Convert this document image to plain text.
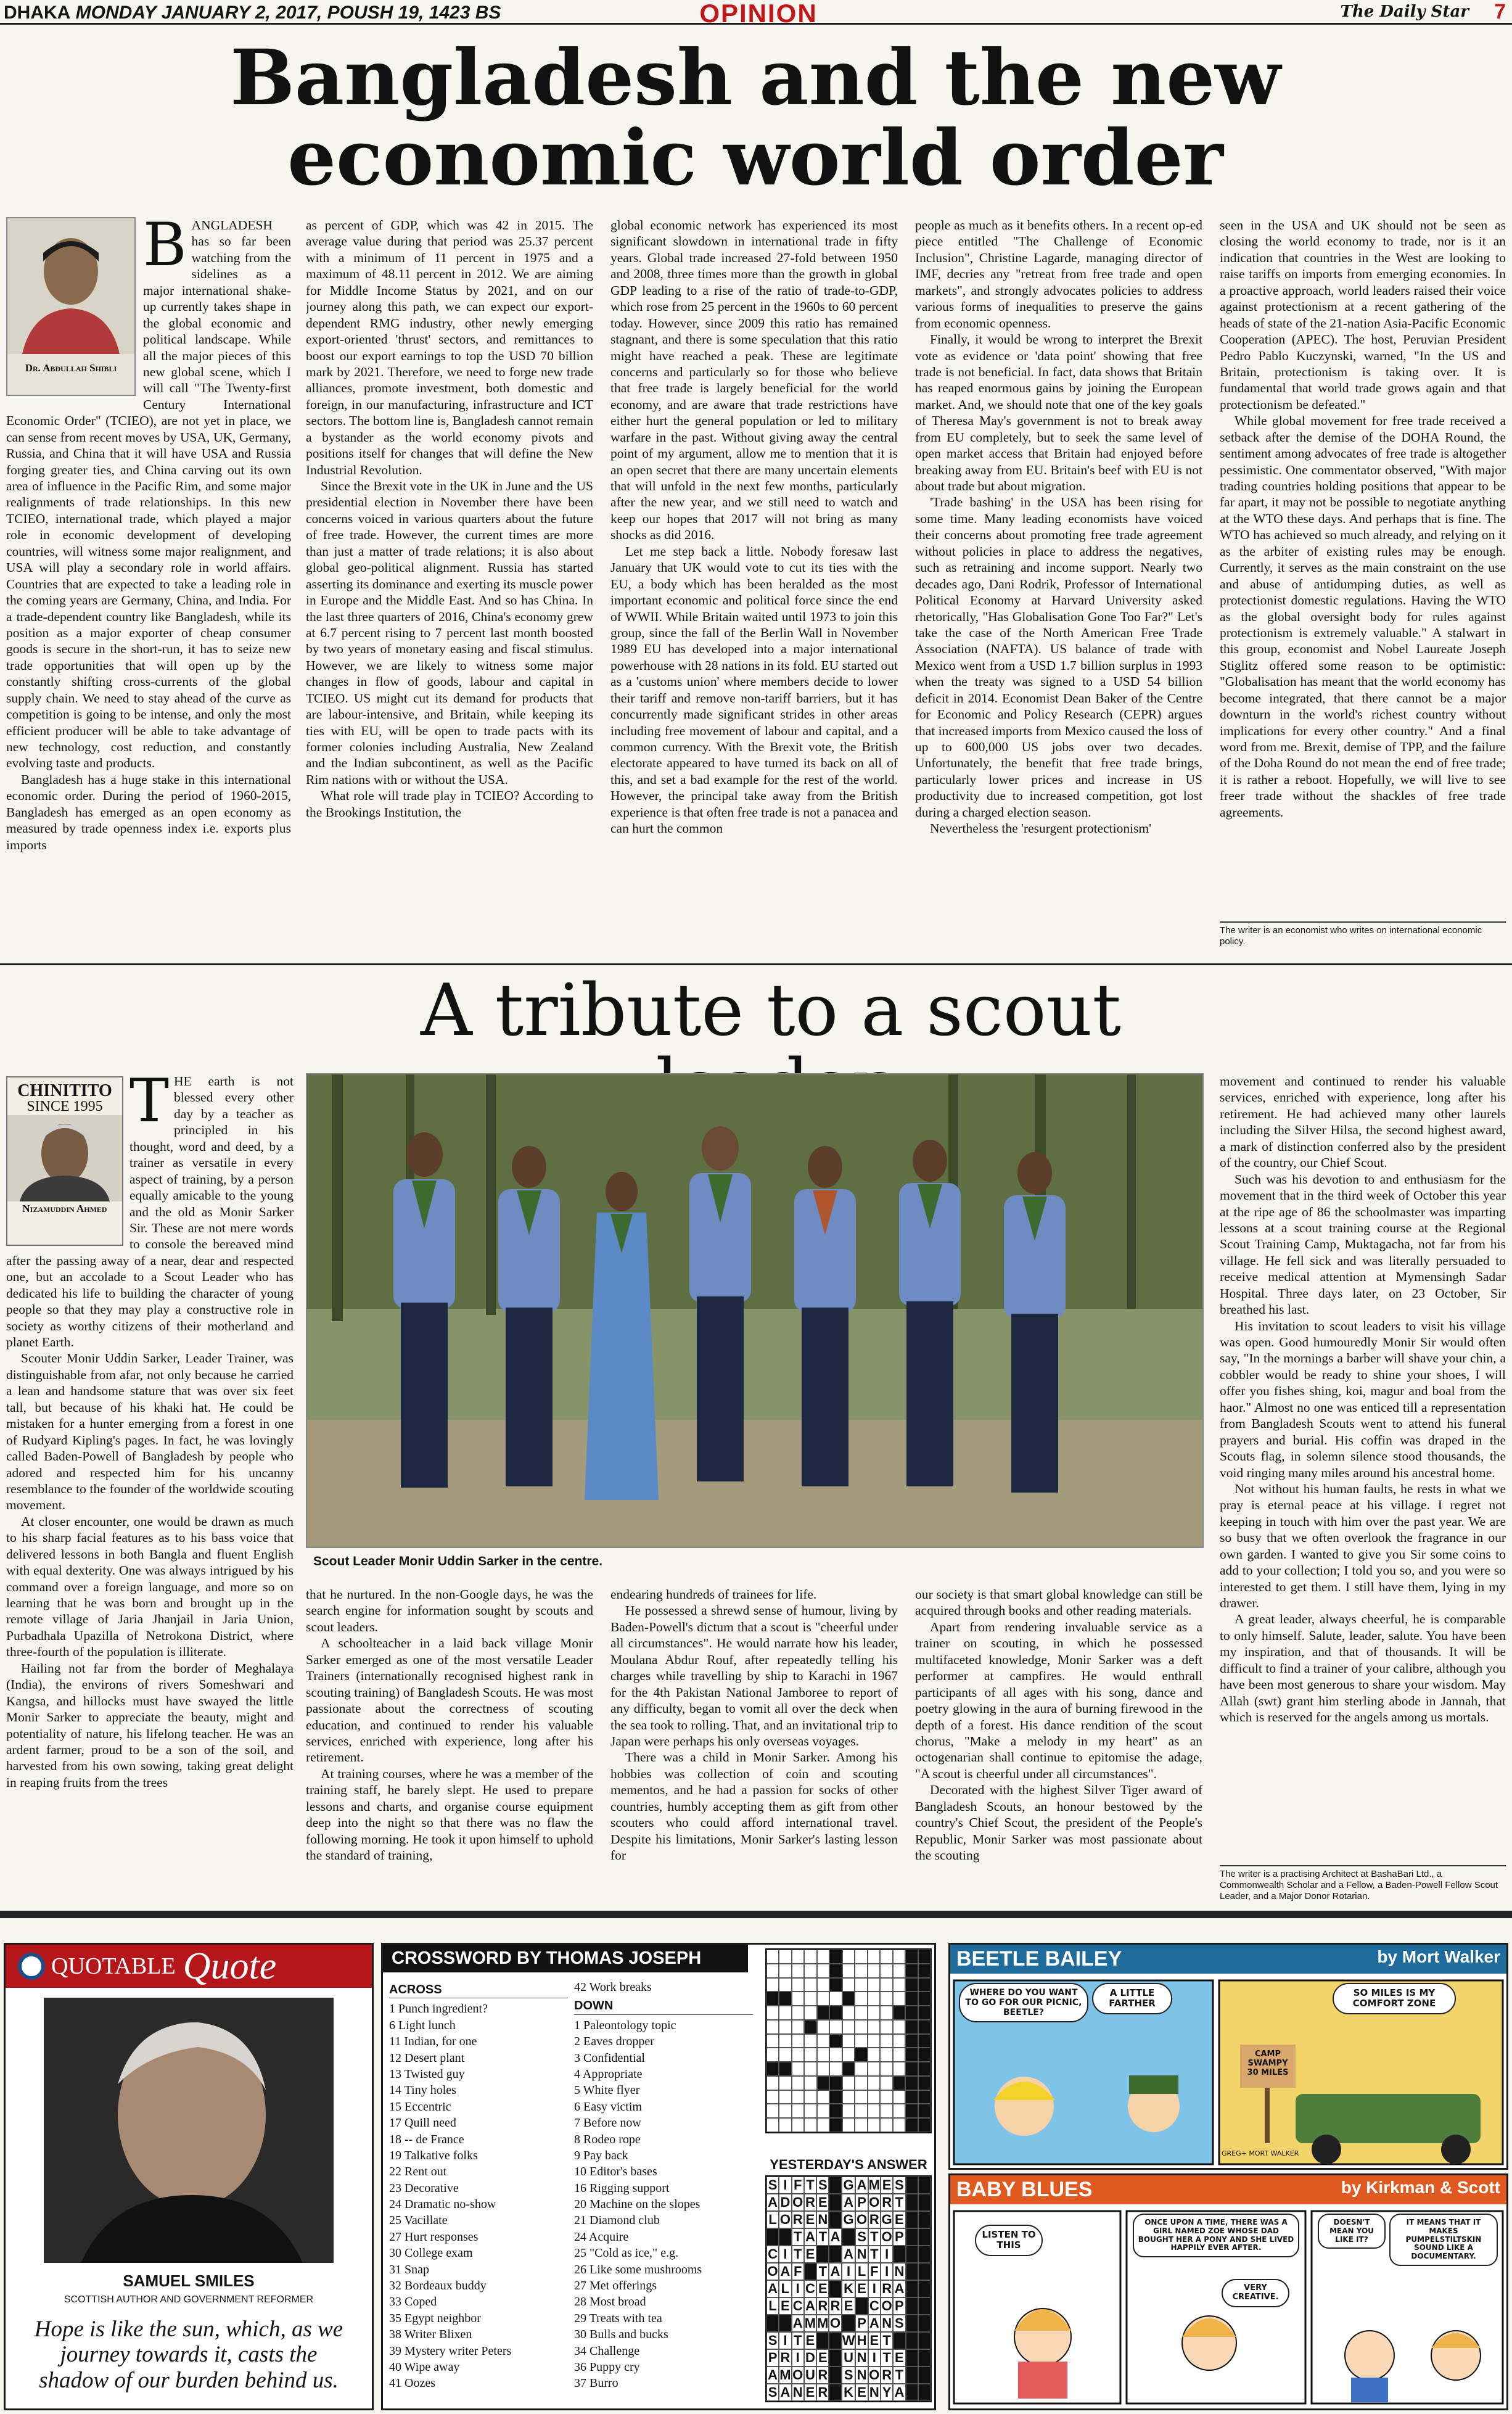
DHAKA MONDAY JANUARY 2, 2017, POUSH 19, 1423 BS	OPINION	The Daily Star 7
Bangladesh and the new economic world order
Dr. Abdullah Shibli
B ANGLADESH has so far been watching from the sidelines as a major international shake-up currently takes shape in the global economic and political landscape. While all the major pieces of this new global scene, which I will call "The Twenty-first Century International Economic Order" (TCIEO), are not yet in place, we can sense from recent moves by USA, UK, Germany, Russia, and China that it will have USA and Russia forging greater ties, and China carving out its own area of influence in the Pacific Rim, and some major realignments of trade relationships. In this new TCIEO, international trade, which played a major role in economic development of developing countries, will witness some major realignment, and USA will play a secondary role in world affairs. Countries that are expected to take a leading role in the coming years are Germany, China, and India. For a trade-dependent country like Bangladesh, while its position as a major exporter of cheap consumer goods is secure in the short-run, it has to seize new trade opportunities that will open up by the constantly shifting cross-currents of the global supply chain. We need to stay ahead of the curve as competition is going to be intense, and only the most efficient producer will be able to take advantage of new technology, cost reduction, and constantly evolving taste and products.

Bangladesh has a huge stake in this international economic order. During the period of 1960-2015, Bangladesh has emerged as an open economy as measured by trade openness index i.e. exports plus imports

as percent of GDP, which was 42 in 2015. The average value during that period was 25.37 percent with a minimum of 11 percent in 1975 and a maximum of 48.11 percent in 2012. We are aiming for Middle Income Status by 2021, and on our journey along this path, we can expect our export-dependent RMG industry, other newly emerging export-oriented 'thrust' sectors, and remittances to boost our export earnings to top the USD 70 billion mark by 2021. Therefore, we need to forge new trade alliances, promote investment, both domestic and foreign, in our manufacturing, infrastructure and ICT sectors. The bottom line is, Bangladesh cannot remain a bystander as the world economy pivots and positions itself for changes that will define the New Industrial Revolution.

Since the Brexit vote in the UK in June and the US presidential election in November there have been concerns voiced in various quarters about the future of free trade. However, the current times are more than just a matter of trade relations; it is also about global geo-political alignment. Russia has started asserting its dominance and exerting its muscle power in Europe and the Middle East. And so has China. In the last three quarters of 2016, China's economy grew at 6.7 percent rising to 7 percent last month boosted by two years of monetary easing and fiscal stimulus. However, we are likely to witness some major changes in flow of goods, labour and capital in TCIEO. US might cut its demand for products that are labour-intensive, and Britain, while keeping its ties with EU, will be open to trade pacts with its former colonies including Australia, New Zealand and the Indian subcontinent, as well as the Pacific Rim nations with or without the USA.

What role will trade play in TCIEO? According to the Brookings Institution, the

global economic network has experienced its most significant slowdown in international trade in fifty years. Global trade increased 27-fold between 1950 and 2008, three times more than the growth in global GDP leading to a rise of the ratio of trade-to-GDP, which rose from 25 percent in the 1960s to 60 percent today. However, since 2009 this ratio has remained stagnant, and there is some speculation that this ratio might have reached a peak. These are legitimate concerns and particularly so for those who believe that free trade is largely beneficial for the world economy, and are aware that trade restrictions have either hurt the general population or led to military warfare in the past. Without giving away the central point of my argument, allow me to mention that it is an open secret that there are many uncertain elements that will unfold in the next few months, particularly after the new year, and we still need to watch and keep our hopes that 2017 will not bring as many shocks as did 2016.

Let me step back a little. Nobody foresaw last January that UK would vote to cut its ties with the EU, a body which has been heralded as the most important economic and political force since the end of WWII. While Britain waited until 1973 to join this group, since the fall of the Berlin Wall in November 1989 EU has developed into a major international powerhouse with 28 nations in its fold. EU started out as a 'customs union' where members decide to lower their tariff and remove non-tariff barriers, but it has concurrently made significant strides in other areas including free movement of labour and capital, and a common currency. With the Brexit vote, the British electorate appeared to have turned its back on all of this, and set a bad example for the rest of the world. However, the principal take away from the British experience is that often free trade is not a panacea and can hurt the common

people as much as it benefits others. In a recent op-ed piece entitled "The Challenge of Economic Inclusion", Christine Lagarde, managing director of IMF, decries any "retreat from free trade and open markets", and strongly advocates policies to address various forms of inequalities to preserve the gains from economic openness.

Finally, it would be wrong to interpret the Brexit vote as evidence or 'data point' showing that free trade is not beneficial. In fact, data shows that Britain has reaped enormous gains by joining the European market. And, we should note that one of the key goals of Theresa May's government is not to break away from EU completely, but to seek the same level of open market access that Britain had enjoyed before breaking away from EU. Britain's beef with EU is not about trade but about migration.

'Trade bashing' in the USA has been rising for some time. Many leading economists have voiced their concerns about promoting free trade agreement without policies in place to address the negatives, such as retraining and income support. Nearly two decades ago, Dani Rodrik, Professor of International Political Economy at Harvard University asked rhetorically, "Has Globalisation Gone Too Far?" Let's take the case of the North American Free Trade Association (NAFTA). US balance of trade with Mexico went from a USD 1.7 billion surplus in 1993 when the treaty was signed to a USD 54 billion deficit in 2014. Economist Dean Baker of the Centre for Economic and Policy Research (CEPR) argues that increased imports from Mexico caused the loss of up to 600,000 US jobs over two decades. Unfortunately, the benefit that free trade brings, particularly lower prices and increase in US productivity due to increased competition, got lost during a charged election season.

Nevertheless the 'resurgent protectionism'

seen in the USA and UK should not be seen as closing the world economy to trade, nor is it an indication that countries in the West are looking to raise tariffs on imports from emerging economies. In a proactive approach, world leaders raised their voice against protectionism at a recent gathering of the heads of state of the 21-nation Asia-Pacific Economic Cooperation (APEC). The host, Peruvian President Pedro Pablo Kuczynski, warned, "In the US and Britain, protectionism is taking over. It is fundamental that world trade grows again and that protectionism be defeated."

While global movement for free trade received a setback after the demise of the DOHA Round, the sentiment among advocates of free trade is altogether pessimistic. One commentator observed, "With major trading countries holding positions that appear to be far apart, it may not be possible to negotiate anything at the WTO these days. And perhaps that is fine. The WTO has achieved so much already, and relying on it as the arbiter of existing rules may be enough. Currently, it serves as the main constraint on the use and abuse of antidumping duties, as well as protectionist domestic regulations. Having the WTO as the global oversight body for rules against protectionism is extremely valuable." A stalwart in this group, economist and Nobel Laureate Joseph Stiglitz offered some reason to be optimistic: "Globalisation has meant that the world economy has become integrated, that there cannot be a major downturn in the world's richest country without implications for every other country." And a final word from me. Brexit, demise of TPP, and the failure of the Doha Round do not mean the end of free trade; it is rather a reboot. Hopefully, we will live to see freer trade without the shackles of free trade agreements.

The writer is an economist who writes on international economic policy.
A tribute to a scout
CHINITITO
SINCE 1995
Nizamuddin Ahmed
Scout Leader Monir Uddin Sarker in the centre.
T HE earth is not blessed every other day by a teacher as principled in his thought, word and deed, by a trainer as versatile in every aspect of training, by a person equally amicable to the young and the old as Monir Sarker Sir. These are not mere words to console the bereaved mind after the passing away of a near, dear and respected one, but an accolade to a Scout Leader who has dedicated his life to building the character of young people so that they may play a constructive role in society as worthy citizens of their motherland and planet Earth.

Scouter Monir Uddin Sarker, Leader Trainer, was distinguishable from afar, not only because he carried a lean and handsome stature that was over six feet tall, but because of his khaki hat. He could be mistaken for a hunter emerging from a forest in one of Rudyard Kipling's pages. In fact, he was lovingly called Baden-Powell of Bangladesh by people who adored and respected him for his uncanny resemblance to the founder of the worldwide scouting movement.

At closer encounter, one would be drawn as much to his sharp facial features as to his bass voice that delivered lessons in both Bangla and fluent English with equal dexterity. One was always intrigued by his command over a foreign language, and more so on learning that he was born and brought up in the remote village of Jaria Jhanjail in Jaria Union, Purbadhala Upazilla of Netrokona District, where three-fourth of the population is illiterate.

Hailing not far from the border of Meghalaya (India), the environs of rivers Someshwari and Kangsa, and hillocks must have swayed the little Monir Sarker to appreciate the beauty, might and potentiality of nature, his lifelong teacher. He was an ardent farmer, proud to be a son of the soil, and harvested from his own sowing, taking great delight in reaping fruits from the trees

that he nurtured. In the non-Google days, he was the search engine for information sought by scouts and scout leaders.

A schoolteacher in a laid back village Monir Sarker emerged as one of the most versatile Leader Trainers (internationally recognised highest rank in scouting training) of Bangladesh Scouts. He was most passionate about the correctness of scouting education, and continued to render his valuable services, enriched with experience, long after his retirement.

At training courses, where he was a member of the training staff, he barely slept. He used to prepare lessons and charts, and organise course equipment deep into the night so that there was no flaw the following morning. He took it upon himself to uphold the standard of training,

endearing hundreds of trainees for life.

He possessed a shrewd sense of humour, living by Baden-Powell's dictum that a scout is "cheerful under all circumstances". He would narrate how his leader, Moulana Abdur Rouf, after repeatedly telling his charges while travelling by ship to Karachi in 1967 for the 4th Pakistan National Jamboree to report of any difficulty, began to vomit all over the deck when the sea took to rolling. That, and an invitational trip to Japan were perhaps his only overseas voyages.

There was a child in Monir Sarker. Among his hobbies was collection of coin and scouting mementos, and he had a passion for socks of other countries, humbly accepting them as gift from other scouters who could afford international travel. Despite his limitations, Monir Sarker's lasting lesson for

our society is that smart global knowledge can still be acquired through books and other reading materials.

Apart from rendering invaluable service as a trainer on scouting, in which he possessed multifaceted knowledge, Monir Sarker was a deft performer at campfires. He would enthrall participants of all ages with his song, dance and poetry glowing in the aura of burning firewood in the depth of a forest. His dance rendition of the scout chorus, "Make a melody in my heart" as an octogenarian shall continue to epitomise the adage, "A scout is cheerful under all circumstances".

Decorated with the highest Silver Tiger award of Bangladesh Scouts, an honour bestowed by the country's Chief Scout, the president of the People's Republic, Monir Sarker was most passionate about the scouting

movement and continued to render his valuable services, enriched with experience, long after his retirement. He had achieved many other laurels including the Silver Hilsa, the second highest award, a mark of distinction conferred also by the president of the country, our Chief Scout.

Such was his devotion to and enthusiasm for the movement that in the third week of October this year at the ripe age of 86 the schoolmaster was imparting lessons at a scout training course at the Regional Scout Training Camp, Muktagacha, not far from his village. He fell sick and was literally persuaded to receive medical attention at Mymensingh Sadar Hospital. Three days later, on 23 October, Sir breathed his last.

His invitation to scout leaders to visit his village was open. Good humouredly Monir Sir would often say, "In the mornings a barber will shave your chin, a cobbler would be ready to shine your shoes, I will offer you fishes shing, koi, magur and boal from the haor." Almost no one was enticed till a representation from Bangladesh Scouts went to attend his funeral prayers and burial. His coffin was draped in the Scouts flag, in solemn silence stood thousands, the void ringing many miles around his ancestral home.

Not without his human faults, he rests in what we pray is eternal peace at his village. I regret not keeping in touch with him over the past year. We are so busy that we often overlook the fragrance in our own garden. I wanted to give you Sir some coins to add to your collection; I told you so, and you were so interested to get them. I still have them, lying in my drawer.

A great leader, always cheerful, he is comparable to only himself. Salute, leader, salute. You have been my inspiration, and that of thousands. It will be difficult to find a trainer of your calibre, although you have been most generous to share your wisdom. May Allah (swt) grant him sterling abode in Jannah, that which is reserved for the angels among us mortals.

The writer is a practising Architect at BashaBari Ltd., a Commonwealth Scholar and a Fellow, a Baden-Powell Fellow Scout Leader, and a Major Donor Rotarian.
QUOTABLE Quote
SAMUEL SMILES
SCOTTISH AUTHOR AND GOVERNMENT REFORMER
Hope is like the sun, which, as we journey towards it, casts the shadow of our burden behind us.
CROSSWORD BY THOMAS JOSEPH
ACROSS
1 Punch ingredient?
6 Light lunch
11 Indian, for one
12 Desert plant
13 Twisted guy
14 Tiny holes
15 Eccentric
17 Quill need
18 -- de France
19 Talkative folks
22 Rent out
23 Decorative
24 Dramatic no-show
25 Vacillate
27 Hurt responses
30 College exam
31 Snap
32 Bordeaux buddy
33 Coped
35 Egypt neighbor
38 Writer Blixen
39 Mystery writer Peters
40 Wipe away
41 Oozes
42 Work breaks
DOWN
1 Paleontology topic
2 Eaves dropper
3 Confidential
4 Appropriate
5 White flyer
6 Easy victim
7 Before now
8 Rodeo rope
9 Pay back
10 Editor's bases
16 Rigging support
20 Machine on the slopes
21 Diamond club
24 Acquire
25 "Cold as ice," e.g.
26 Like some mushrooms
27 Met offerings
28 Most broad
29 Treats with tea
30 Bulls and bucks
34 Challenge
36 Puppy cry
37 Burro
YESTERDAY'S ANSWER
S I F T S G A M E S
A D O R E A P O R T
L O R E N G O R G E
T A T A S T O P
C I T E A N T I
O A F T A I L F I N
A L I C E K E I R A
L E C A R R E C O P
A M M O P A N S
S I T E W H E T
P R I D E U N I T E
A M O U R S N O R T
S A N E R K E N Y A
BEETLE BAILEY	by Mort Walker
WHERE DO YOU WANT TO GO FOR OUR PICNIC, BEETLE?
A LITTLE FARTHER
SO MILES IS MY COMFORT ZONE
CAMP SWAMPY 30 MILES
GREG+ MORT WALKER
BABY BLUES	by Kirkman & Scott
LISTEN TO THIS
ONCE UPON A TIME, THERE WAS A GIRL NAMED ZOE WHOSE DAD BOUGHT HER A PONY AND SHE LIVED HAPPILY EVER AFTER.
VERY CREATIVE.
DOESN'T MEAN YOU LIKE IT?
IT MEANS THAT IT MAKES PUMPELSTILTSKIN SOUND LIKE A DOCUMENTARY.
